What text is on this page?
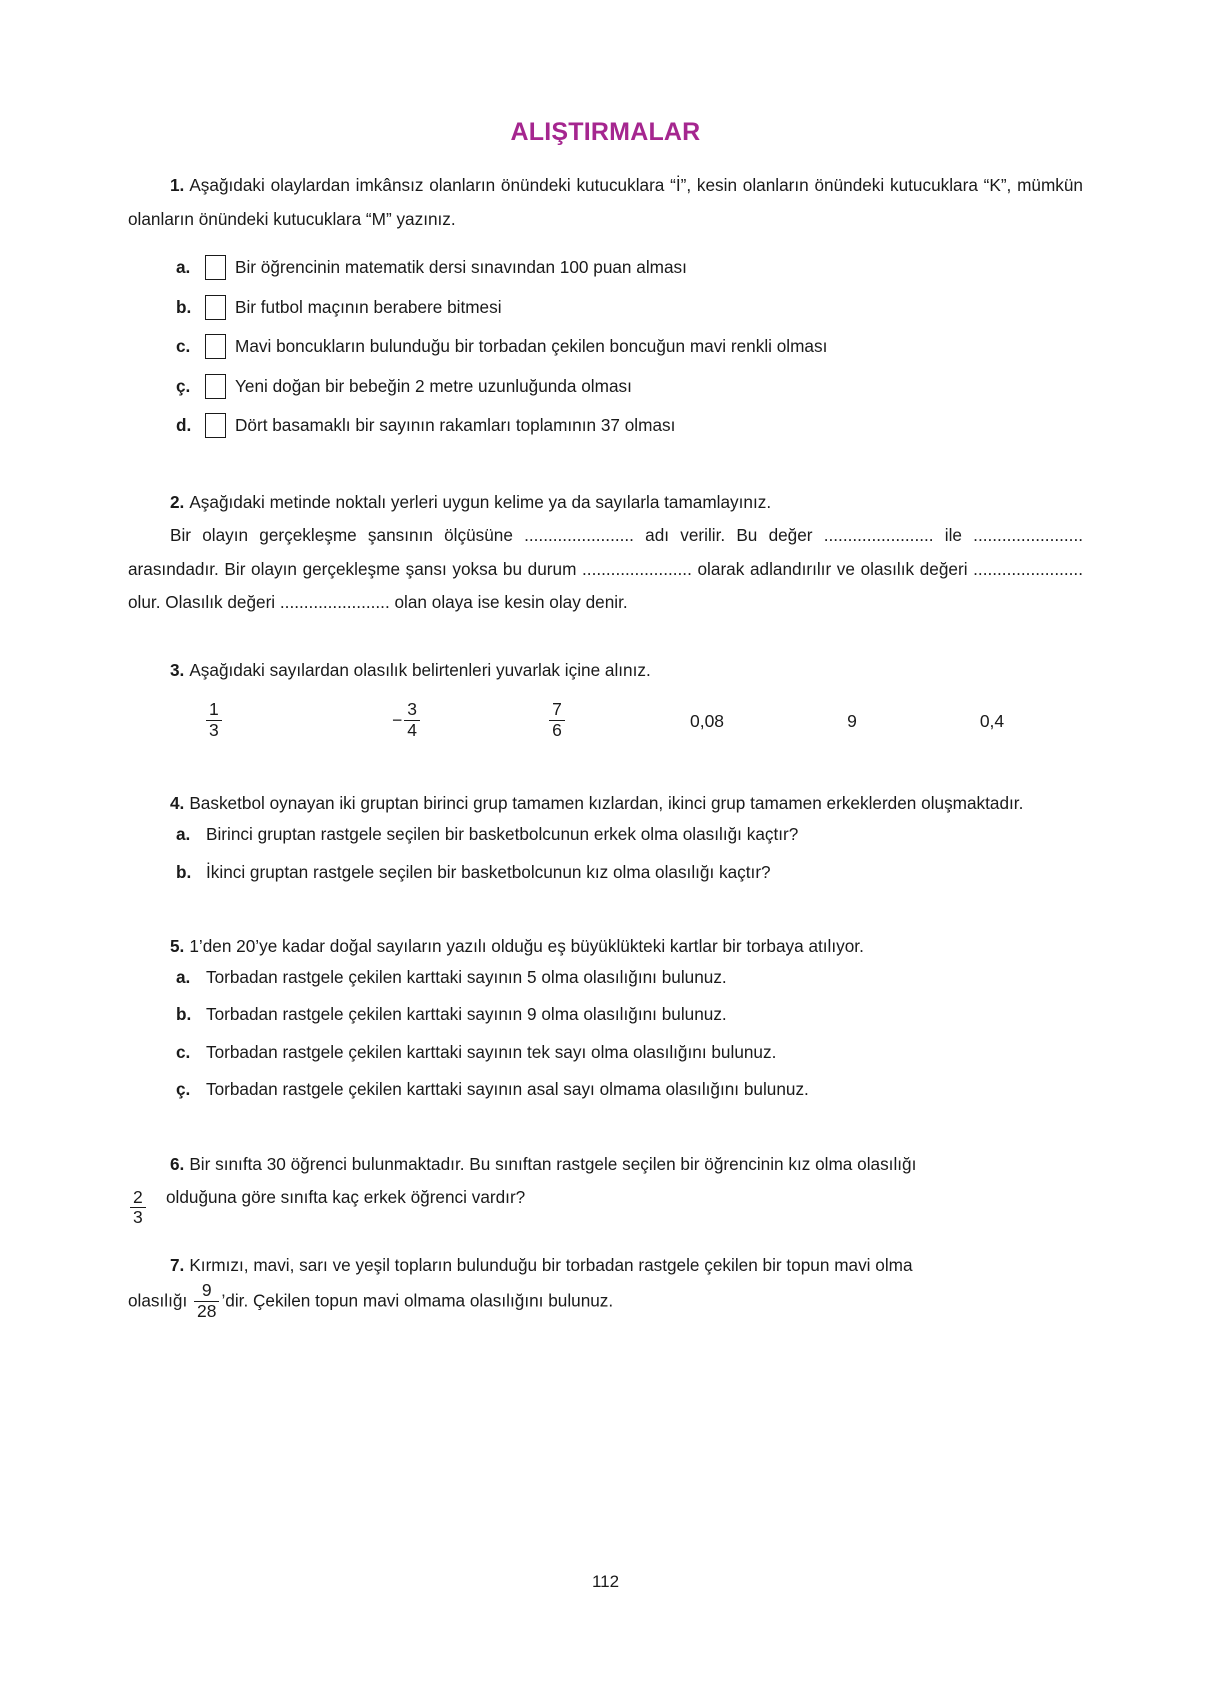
ALIŞTIRMALAR

1. Aşağıdaki olaylardan imkânsız olanların önündeki kutucuklara “İ”, kesin olanların önündeki kutucuklara “K”, mümkün olanların önündeki kutucuklara “M” yazınız.

a.	Bir öğrencinin matematik dersi sınavından 100 puan alması
b.	Bir futbol maçının berabere bitmesi
c.	Mavi boncukların bulunduğu bir torbadan çekilen boncuğun mavi renkli olması
ç.	Yeni doğan bir bebeğin 2 metre uzunluğunda olması
d.	Dört basamaklı bir sayının rakamları toplamının 37 olması

2. Aşağıdaki metinde noktalı yerleri uygun kelime ya da sayılarla tamamlayınız.

Bir olayın gerçekleşme şansının ölçüsüne ....................... adı verilir. Bu değer ....................... ile ....................... arasındadır. Bir olayın gerçekleşme şansı yoksa bu durum ....................... olarak adlandırılır ve olasılık değeri ....................... olur. Olasılık değeri ....................... olan olaya ise kesin olay denir.

3. Aşağıdaki sayılardan olasılık belirtenleri yuvarlak içine alınız.

$\frac{1}{3}$	− $\frac{3}{4}$	$\frac{7}{6}$	0,08	9	0,4

4. Basketbol oynayan iki gruptan birinci grup tamamen kızlardan, ikinci grup tamamen erkeklerden oluşmaktadır.

a. Birinci gruptan rastgele seçilen bir basketbolcunun erkek olma olasılığı kaçtır?
b. İkinci gruptan rastgele seçilen bir basketbolcunun kız olma olasılığı kaçtır?

5. 1’den 20’ye kadar doğal sayıların yazılı olduğu eş büyüklükteki kartlar bir torbaya atılıyor.

a. Torbadan rastgele çekilen karttaki sayının 5 olma olasılığını bulunuz.
b. Torbadan rastgele çekilen karttaki sayının 9 olma olasılığını bulunuz.
c. Torbadan rastgele çekilen karttaki sayının tek sayı olma olasılığını bulunuz.
ç. Torbadan rastgele çekilen karttaki sayının asal sayı olmama olasılığını bulunuz.

6. Bir sınıfta 30 öğrenci bulunmaktadır. Bu sınıftan rastgele seçilen bir öğrencinin kız olma olasılığı

$\frac{2}{3}$	olduğuna göre sınıfta kaç erkek öğrenci vardır?

7. Kırmızı, mavi, sarı ve yeşil topların bulunduğu bir torbadan rastgele çekilen bir topun mavi olma

olasılığı $\frac{9}{28}$ ’dir. Çekilen topun mavi olmama olasılığını bulunuz.

112
